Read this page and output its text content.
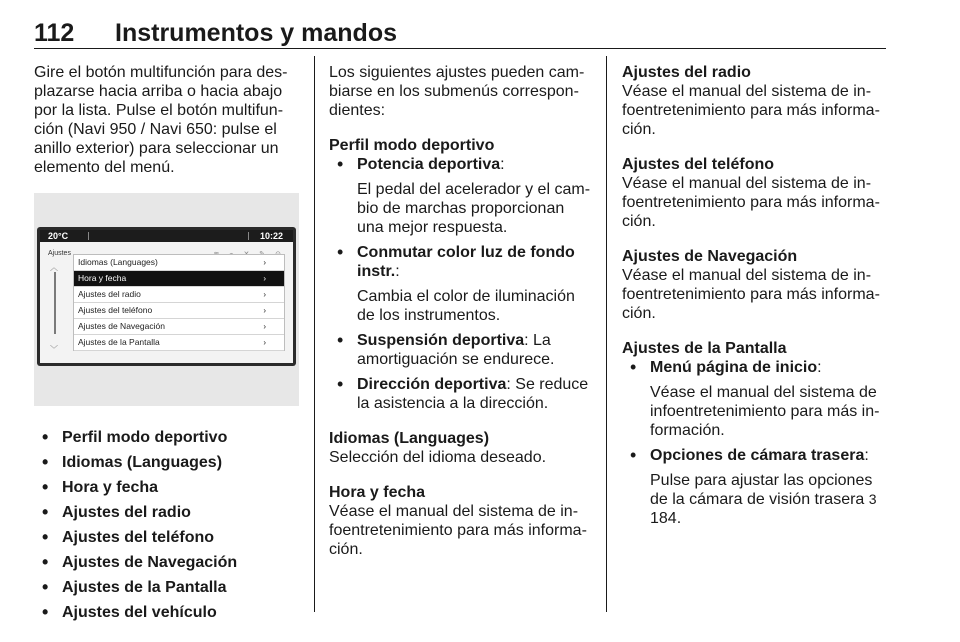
112 Instrumentos y mandos

Gire el botón multifunción para desplazarse hacia arriba o hacia abajo por la lista. Pulse el botón multifunción (Navi 950 / Navi 650: pulse el anillo exterior) para seleccionar un elemento del menú.

20°C	10:22
Ajustes
︿
﹀
Idiomas (Languages)	›
Hora y fecha	›
Ajustes del radio	›
Ajustes del teléfono	›
Ajustes de Navegación	›
Ajustes de la Pantalla	›
• Perfil modo deportivo
• Idiomas (Languages)
• Hora y fecha
• Ajustes del radio
• Ajustes del teléfono
• Ajustes de Navegación
• Ajustes de la Pantalla
• Ajustes del vehículo

Los siguientes ajustes pueden cambiarse en los submenús correspondientes:

Perfil modo deportivo
• Potencia deportiva:
El pedal del acelerador y el cambio de marchas proporcionan una mejor respuesta.
• Conmutar color luz de fondo instr.:
Cambia el color de iluminación de los instrumentos.
• Suspensión deportiva: La amortiguación se endurece.
• Dirección deportiva: Se reduce la asistencia a la dirección.
Idiomas (Languages)
Selección del idioma deseado.
Hora y fecha
Véase el manual del sistema de infoentretenimiento para más información.
Ajustes del radio
Véase el manual del sistema de infoentretenimiento para más información.
Ajustes del teléfono
Véase el manual del sistema de infoentretenimiento para más información.
Ajustes de Navegación
Véase el manual del sistema de infoentretenimiento para más información.
Ajustes de la Pantalla
• Menú página de inicio:
Véase el manual del sistema de infoentretenimiento para más información.
• Opciones de cámara trasera:
Pulse para ajustar las opciones de la cámara de visión trasera 3 184.
